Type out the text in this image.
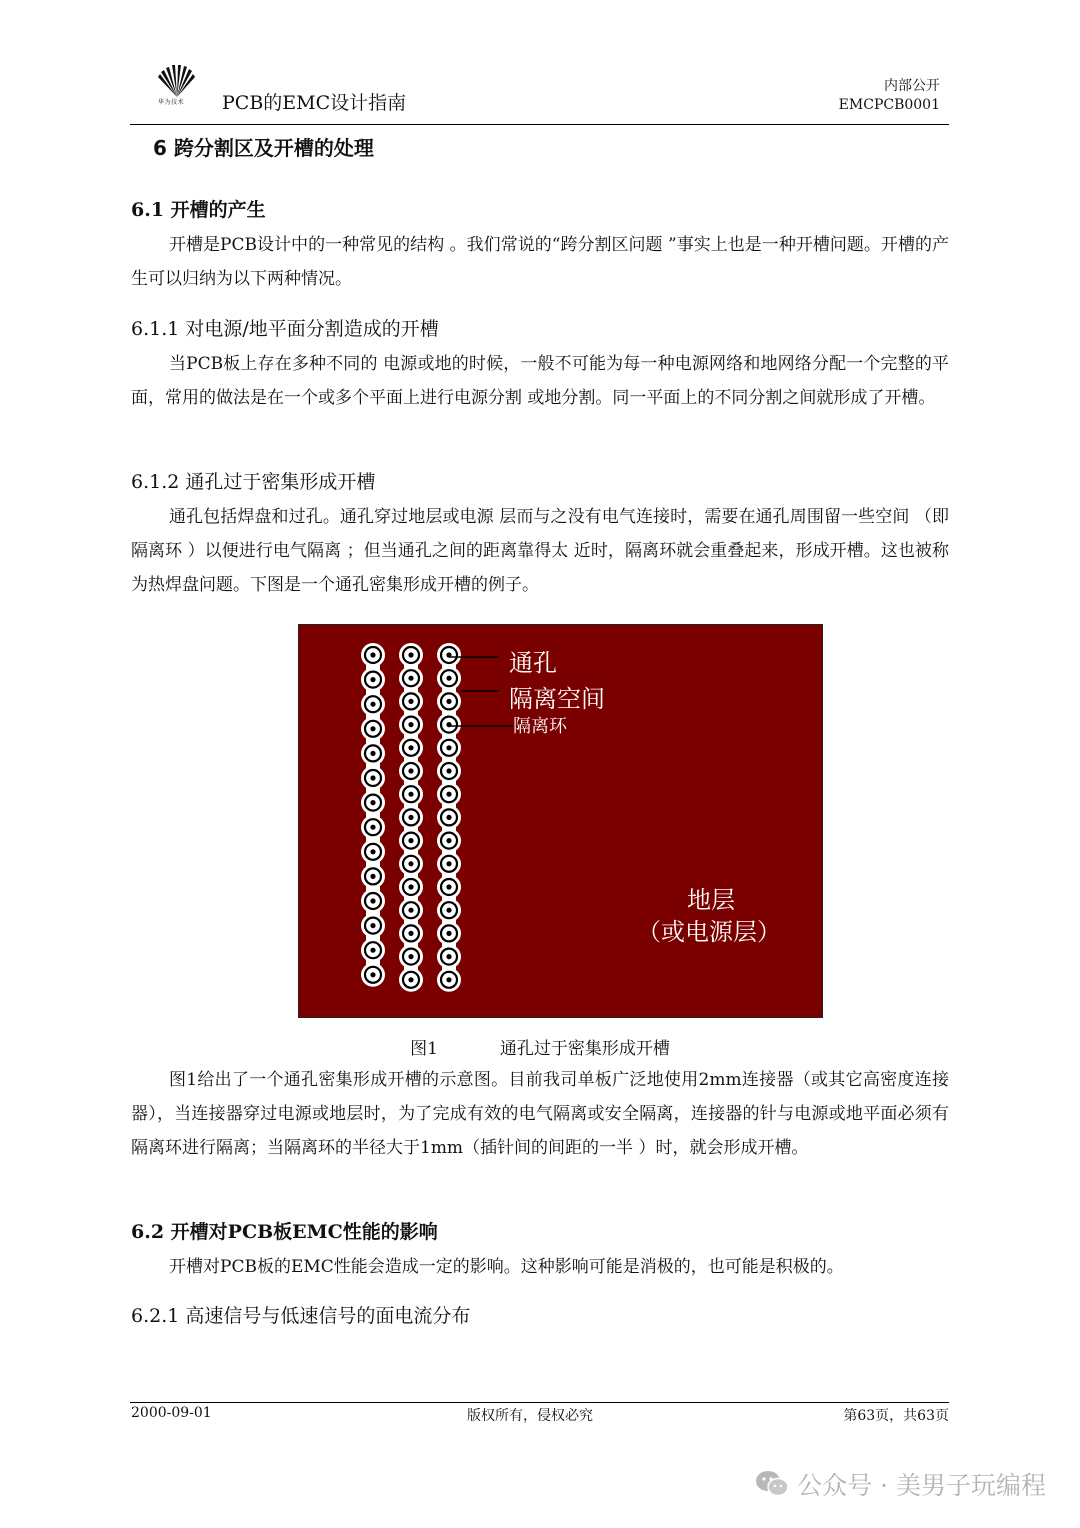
华为技术 PCB的EMC设计指南
内部公开
EMCPCB0001
6 跨分割区及开槽的处理
6.1 开槽的产生
开槽是PCB设计中的一种常见的结构 。我们常说的“跨分割区问题 ”事实上也是一种开槽问题。开槽的产生可以归纳为以下两种情况。
6.1.1 对电源/地平面分割造成的开槽
当PCB板上存在多种不同的 电源或地的时候，一般不可能为每一种电源网络和地网络分配一个完整的平面，常用的做法是在一个或多个平面上进行电源分割 或地分割。同一平面上的不同分割之间就形成了开槽。
6.1.2 通孔过于密集形成开槽
通孔包括焊盘和过孔。通孔穿过地层或电源 层而与之没有电气连接时，需要在通孔周围留一些空间 （即隔离环 ）以便进行电气隔离 ；但当通孔之间的距离靠得太 近时，隔离环就会重叠起来，形成开槽。这也被称为热焊盘问题。下图是一个通孔密集形成开槽的例子。
通孔
隔离空间
隔离环
地层
（或电源层）
图1	通孔过于密集形成开槽
图1给出了一个通孔密集形成开槽的示意图。目前我司单板广泛地使用2mm连接器（或其它高密度连接器），当连接器穿过电源或地层时，为了完成有效的电气隔离或安全隔离，连接器的针与电源或地平面必须有 隔离环进行隔离；当隔离环的半径大于1mm（插针间的间距的一半 ）时，就会形成开槽。
6.2 开槽对PCB板EMC性能的影响
开槽对PCB板的EMC性能会造成一定的影响。这种影响可能是消极的，也可能是积极的。
6.2.1 高速信号与低速信号的面电流分布
2000-09-01	版权所有，侵权必究	第63页，共63页
公众号 · 美男子玩编程
